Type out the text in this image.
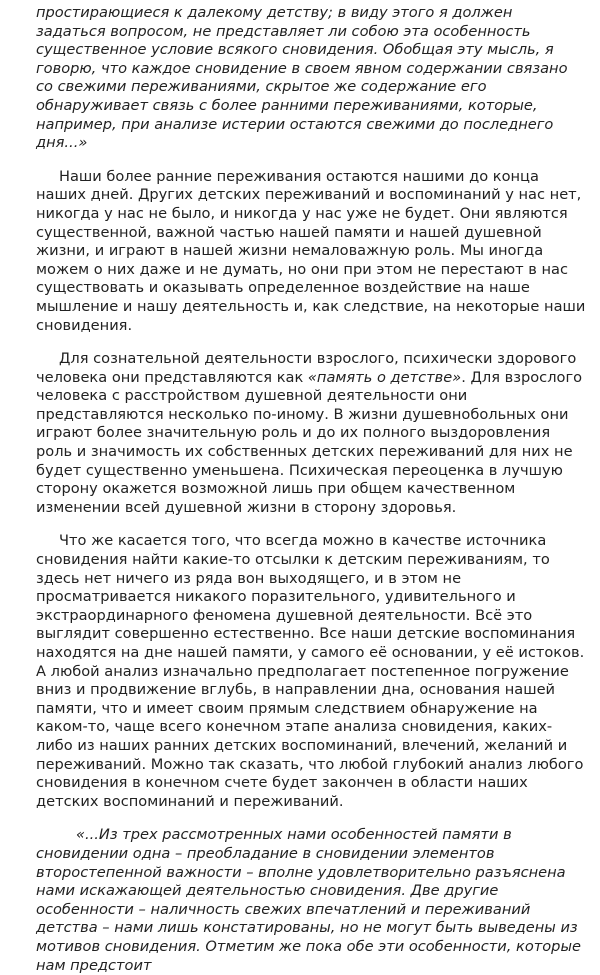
простирающиеся к далекому детству; в виду этого я должен задаться вопросом, не представляет ли собою эта особенность существенное условие всякого сновидения. Обобщая эту мысль, я говорю, что каждое сновидение в своем явном содержании связано со свежими переживаниями, скрытое же содержание его обнаруживает связь с более ранними переживаниями, которые, например, при анализе истерии остаются свежими до последнего дня...»

Наши более ранние переживания остаются нашими до конца наших дней. Других детских переживаний и воспоминаний у нас нет, никогда у нас не было, и никогда у нас уже не будет. Они являются существенной, важной частью нашей памяти и нашей душевной жизни, и играют в нашей жизни немаловажную роль. Мы иногда можем о них даже и не думать, но они при этом не перестают в нас существовать и оказывать определенное воздействие на наше мышление и нашу деятельность и, как следствие, на некоторые наши сновидения.

Для сознательной деятельности взрослого, психически здорового человека они представляются как «память о детстве». Для взрослого человека с расстройством душевной деятельности они представляются несколько по-иному. В жизни душевнобольных они играют более значительную роль и до их полного выздоровления роль и значимость их собственных детских переживаний для них не будет существенно уменьшена. Психическая переоценка в лучшую сторону окажется возможной лишь при общем качественном изменении всей душевной жизни в сторону здоровья.

Что же касается того, что всегда можно в качестве источника сновидения найти какие-то отсылки к детским переживаниям, то здесь нет ничего из ряда вон выходящего, и в этом не просматривается никакого поразительного, удивительного и экстраординарного феномена душевной деятельности. Всё это выглядит совершенно естественно. Все наши детские воспоминания находятся на дне нашей памяти, у самого её основании, у её истоков. А любой анализ изначально предполагает постепенное погружение вниз и продвижение вглубь, в направлении дна, основания нашей памяти, что и имеет своим прямым следствием обнаружение на каком-то, чаще всего конечном этапе анализа сновидения, каких-либо из наших ранних детских воспоминаний, влечений, желаний и переживаний. Можно так сказать, что любой глубокий анализ любого сновидения в конечном счете будет закончен в области наших детских воспоминаний и переживаний.

«...Из трех рассмотренных нами особенностей памяти в сновидении одна – преобладание в сновидении элементов второстепенной важности – вполне удовлетворительно разъяснена нами искажающей деятельностью сновидения. Две другие особенности – наличность свежих впечатлений и переживаний детства – нами лишь констатированы, но не могут быть выведены из мотивов сновидения. Отметим же пока обе эти особенности, которые нам предстоит
